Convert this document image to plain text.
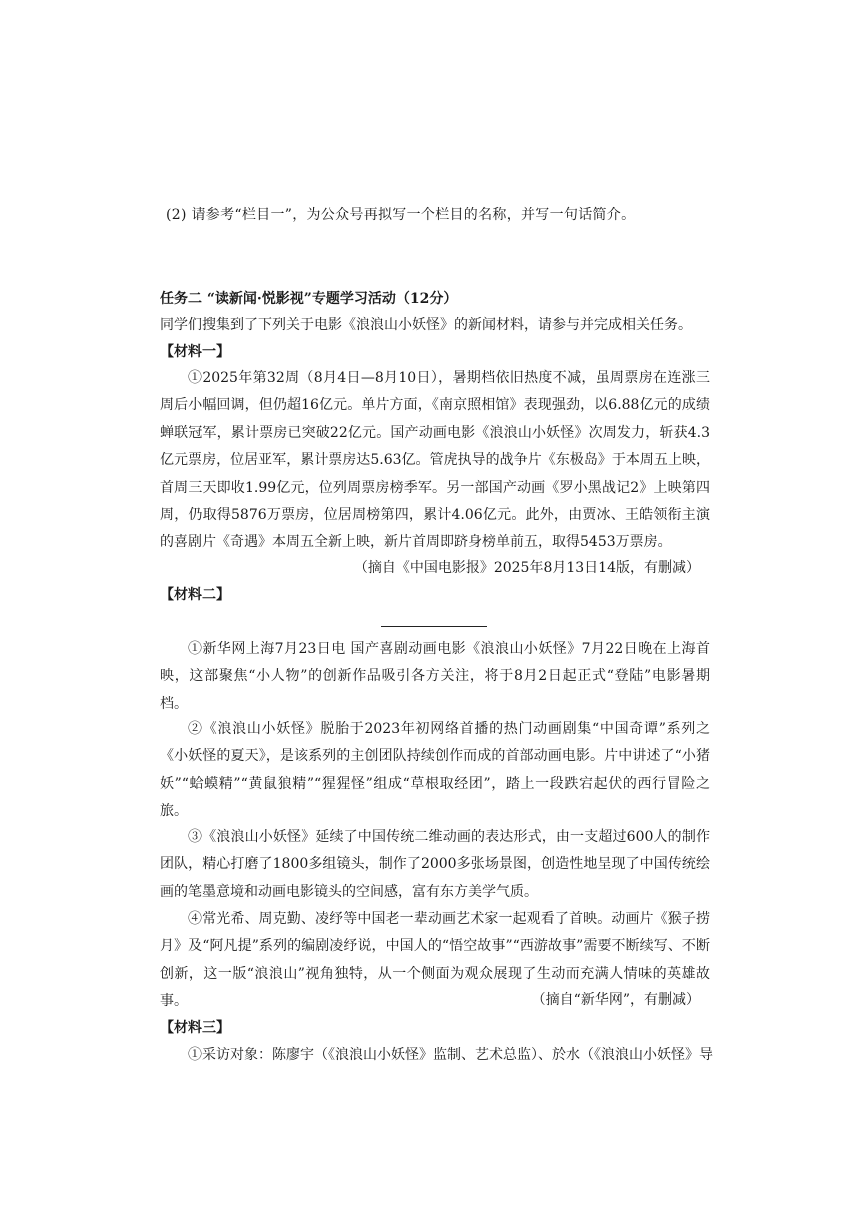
(2) 请参考“栏目一”，为公众号再拟写一个栏目的名称，并写一句话简介。
任务二 “读新闻·悦影视”专题学习活动（12分）
同学们搜集到了下列关于电影《浪浪山小妖怪》的新闻材料，请参与并完成相关任务。
【材料一】
①2025年第32周（8月4日—8月10日），暑期档依旧热度不减，虽周票房在连涨三周后小幅回调，但仍超16亿元。单片方面，《南京照相馆》表现强劲，以6.88亿元的成绩蝉联冠军，累计票房已突破22亿元。国产动画电影《浪浪山小妖怪》次周发力，斩获4.3亿元票房，位居亚军，累计票房达5.63亿。管虎执导的战争片《东极岛》于本周五上映，首周三天即收1.99亿元，位列周票房榜季军。另一部国产动画《罗小黑战记2》上映第四周，仍取得5876万票房，位居周榜第四，累计4.06亿元。此外，由贾冰、王皓领衔主演的喜剧片《奇遇》本周五全新上映，新片首周即跻身榜单前五，取得5453万票房。
（摘自《中国电影报》2025年8月13日14版，有删减）
【材料二】
①新华网上海7月23日电 国产喜剧动画电影《浪浪山小妖怪》7月22日晚在上海首映，这部聚焦“小人物”的创新作品吸引各方关注，将于8月2日起正式“登陆”电影暑期档。
②《浪浪山小妖怪》脱胎于2023年初网络首播的热门动画剧集“中国奇谭”系列之《小妖怪的夏天》，是该系列的主创团队持续创作而成的首部动画电影。片中讲述了“小猪妖”“蛤蟆精”“黄鼠狼精”“猩猩怪”组成“草根取经团”，踏上一段跌宕起伏的西行冒险之旅。
③《浪浪山小妖怪》延续了中国传统二维动画的表达形式，由一支超过600人的制作团队，精心打磨了1800多组镜头，制作了2000多张场景图，创造性地呈现了中国传统绘画的笔墨意境和动画电影镜头的空间感，富有东方美学气质。
④常光希、周克勤、凌纾等中国老一辈动画艺术家一起观看了首映。动画片《猴子捞月》及“阿凡提”系列的编剧凌纾说，中国人的“悟空故事”“西游故事”需要不断续写、不断创新，这一版“浪浪山”视角独特，从一个侧面为观众展现了生动而充满人情味的英雄故事。	（摘自“新华网”，有删减）
【材料三】
①采访对象：陈廖宇（《浪浪山小妖怪》监制、艺术总监）、於水（《浪浪山小妖怪》导
